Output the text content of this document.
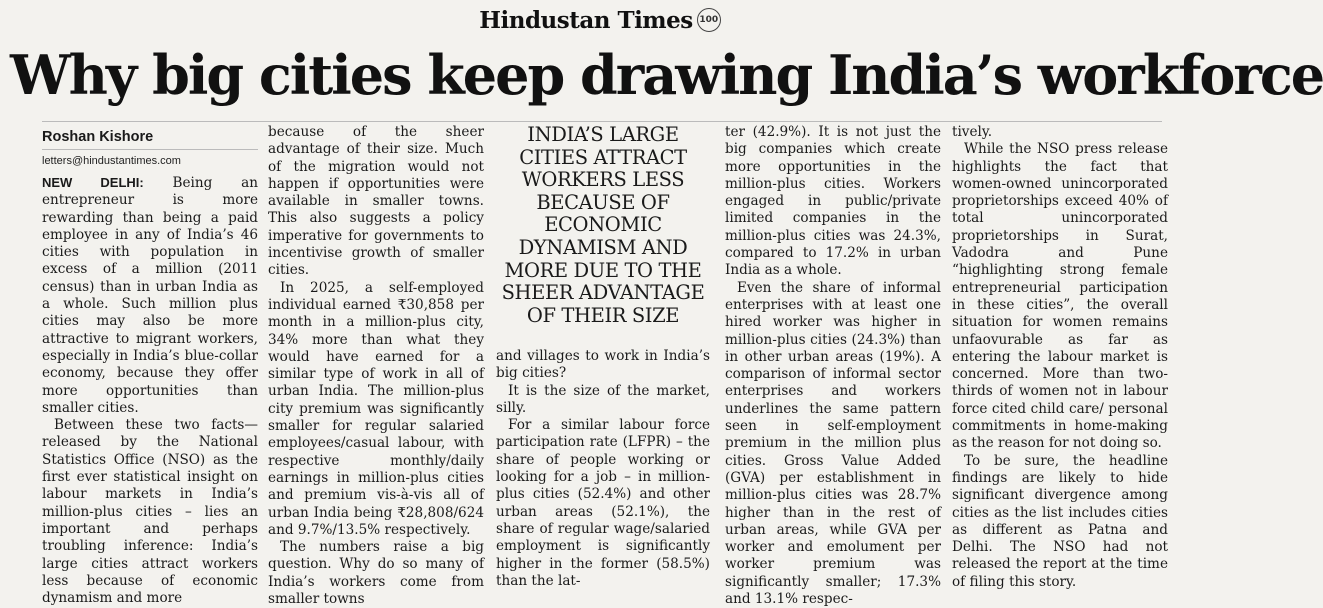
Hindustan Times 100
Why big cities keep drawing India’s workforce
Roshan Kishore
letters@hindustantimes.com

NEW DELHI: Being an entrepreneur is more rewarding than being a paid employee in any of India’s 46 cities with population in excess of a million (2011 census) than in urban India as a whole. Such million plus cities may also be more attractive to migrant workers, especially in India’s blue-collar economy, because they offer more opportunities than smaller cities.

Between these two facts—released by the National Statistics Office (NSO) as the first ever statistical insight on labour markets in India’s million-plus cities – lies an important and perhaps troubling inference: India’s large cities attract workers less because of economic dynamism and more

because of the sheer advantage of their size. Much of the migration would not happen if opportunities were available in smaller towns. This also suggests a policy imperative for governments to incentivise growth of smaller cities.

In 2025, a self-employed individual earned ₹30,858 per month in a million-plus city, 34% more than what they would have earned for a similar type of work in all of urban India. The million-plus city premium was significantly smaller for regular salaried employees/casual labour, with respective monthly/daily earnings in million-plus cities and premium vis-à-vis all of urban India being ₹28,808/624 and 9.7%/13.5% respectively.

The numbers raise a big question. Why do so many of India’s workers come from smaller towns

INDIA’S LARGE
CITIES ATTRACT
WORKERS LESS
BECAUSE OF
ECONOMIC
DYNAMISM AND
MORE DUE TO THE
SHEER ADVANTAGE
OF THEIR SIZE

and villages to work in India’s big cities?

It is the size of the market, silly.

For a similar labour force participation rate (LFPR) – the share of people working or looking for a job – in million-plus cities (52.4%) and other urban areas (52.1%), the share of regular wage/salaried employment is significantly higher in the former (58.5%) than the lat-

ter (42.9%). It is not just the big companies which create more opportunities in the million-plus cities. Workers engaged in public/private limited companies in the million-plus cities was 24.3%, compared to 17.2% in urban India as a whole.

Even the share of informal enterprises with at least one hired worker was higher in million-plus cities (24.3%) than in other urban areas (19%). A comparison of informal sector enterprises and workers underlines the same pattern seen in self-employment premium in the million plus cities. Gross Value Added (GVA) per establishment in million-plus cities was 28.7% higher than in the rest of urban areas, while GVA per worker and emolument per worker premium was significantly smaller; 17.3% and 13.1% respec-

tively.

While the NSO press release highlights the fact that women-owned unincorporated proprietorships exceed 40% of total unincorporated proprietorships in Surat, Vadodra and Pune “highlighting strong female entrepreneurial participation in these cities”, the overall situation for women remains unfaovurable as far as entering the labour market is concerned. More than two-thirds of women not in labour force cited child care/ personal commitments in home-making as the reason for not doing so.

To be sure, the headline findings are likely to hide significant divergence among cities as the list includes cities as different as Patna and Delhi. The NSO had not released the report at the time of filing this story.
